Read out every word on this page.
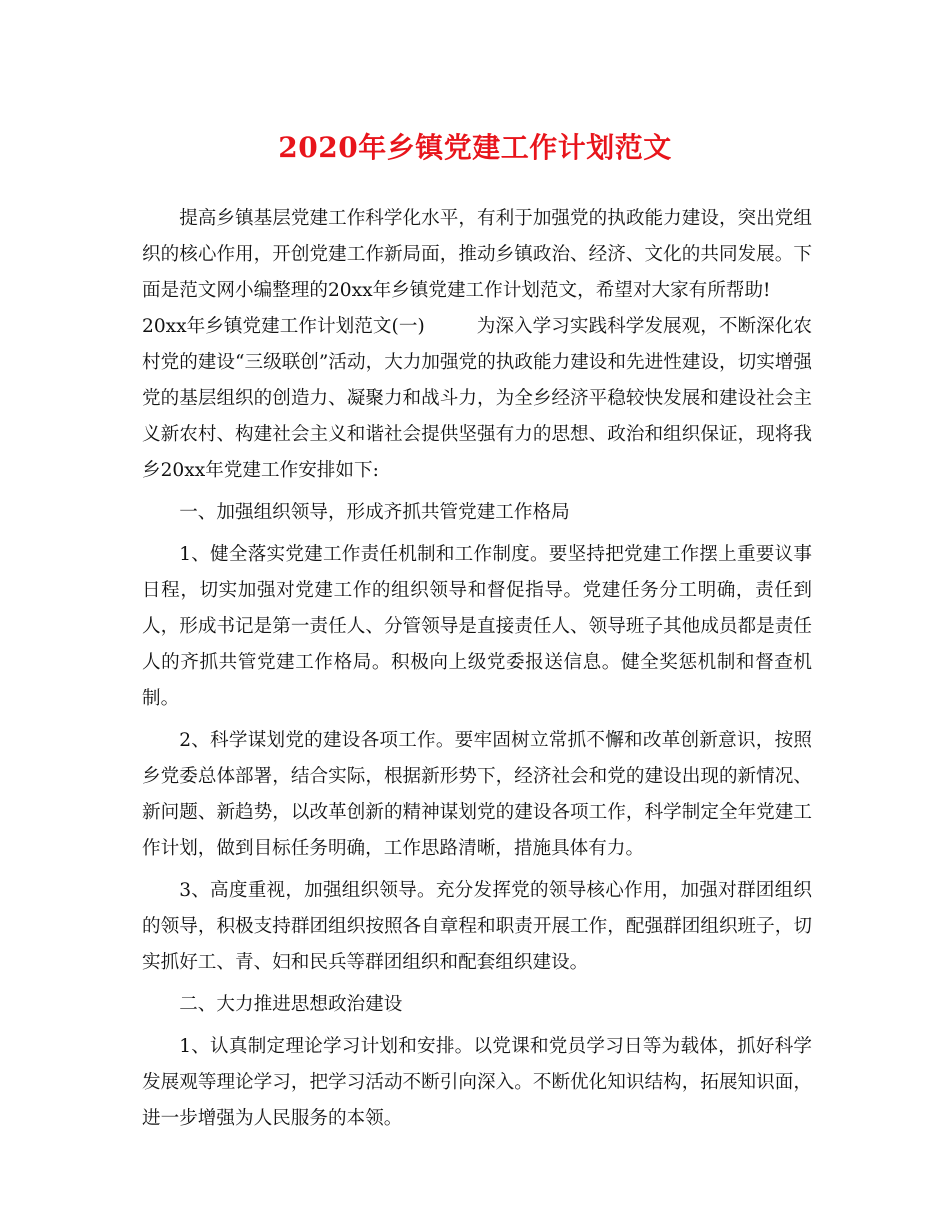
2020年乡镇党建工作计划范文

提高乡镇基层党建工作科学化水平，有利于加强党的执政能力建设，突出党组织的核心作用，开创党建工作新局面，推动乡镇政治、经济、文化的共同发展。下面是范文网小编整理的20xx年乡镇党建工作计划范文，希望对大家有所帮助!

20xx年乡镇党建工作计划范文(一)	为深入学习实践科学发展观，不断深化农村党的建设“三级联创”活动，大力加强党的执政能力建设和先进性建设，切实增强党的基层组织的创造力、凝聚力和战斗力，为全乡经济平稳较快发展和建设社会主义新农村、构建社会主义和谐社会提供坚强有力的思想、政治和组织保证，现将我乡20xx年党建工作安排如下:

一、加强组织领导，形成齐抓共管党建工作格局

1、健全落实党建工作责任机制和工作制度。要坚持把党建工作摆上重要议事日程，切实加强对党建工作的组织领导和督促指导。党建任务分工明确，责任到人，形成书记是第一责任人、分管领导是直接责任人、领导班子其他成员都是责任人的齐抓共管党建工作格局。积极向上级党委报送信息。健全奖惩机制和督查机制。

2、科学谋划党的建设各项工作。要牢固树立常抓不懈和改革创新意识，按照乡党委总体部署，结合实际，根据新形势下，经济社会和党的建设出现的新情况、新问题、新趋势，以改革创新的精神谋划党的建设各项工作，科学制定全年党建工作计划，做到目标任务明确，工作思路清晰，措施具体有力。

3、高度重视，加强组织领导。充分发挥党的领导核心作用，加强对群团组织的领导，积极支持群团组织按照各自章程和职责开展工作，配强群团组织班子，切实抓好工、青、妇和民兵等群团组织和配套组织建设。

二、大力推进思想政治建设

1、认真制定理论学习计划和安排。以党课和党员学习日等为载体，抓好科学发展观等理论学习，把学习活动不断引向深入。不断优化知识结构，拓展知识面，进一步增强为人民服务的本领。
